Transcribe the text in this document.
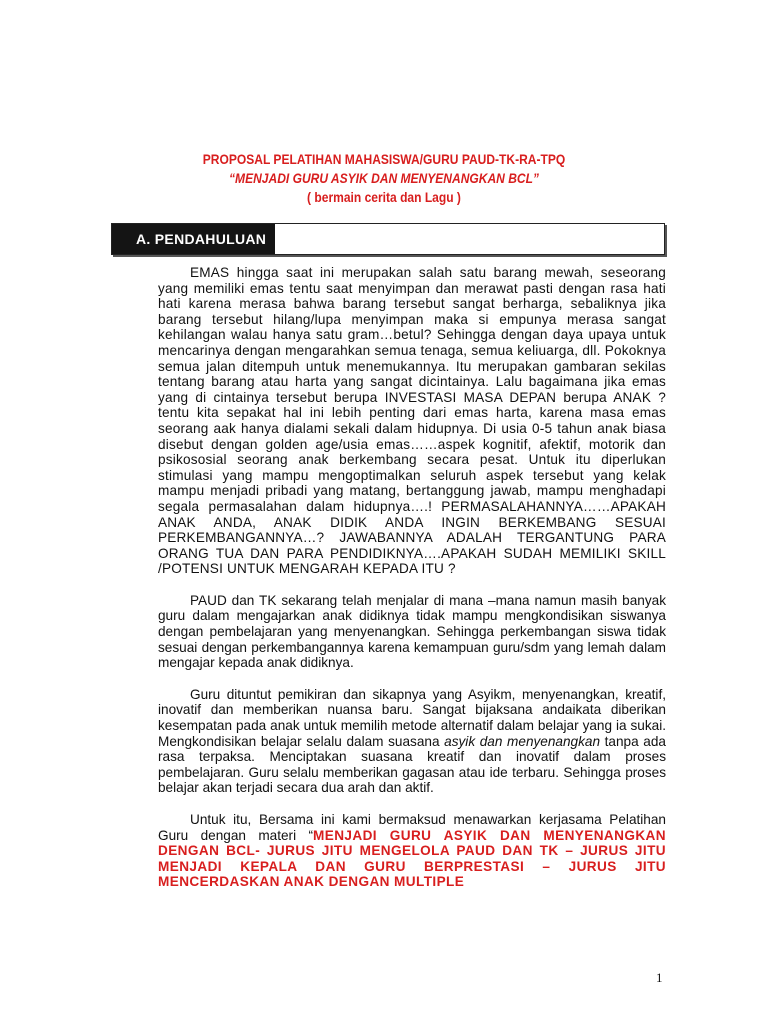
PROPOSAL PELATIHAN MAHASISWA/GURU PAUD-TK-RA-TPQ
“MENJADI GURU ASYIK DAN MENYENANGKAN BCL”
( bermain cerita dan Lagu )
A. PENDAHULUAN

EMAS hingga saat ini merupakan salah satu barang mewah, seseorang yang memiliki emas tentu saat menyimpan dan merawat pasti dengan rasa hati hati karena merasa bahwa barang tersebut sangat berharga, sebaliknya jika barang tersebut hilang/lupa menyimpan maka si empunya merasa sangat kehilangan walau hanya satu gram…betul? Sehingga dengan daya upaya untuk mencarinya dengan mengarahkan semua tenaga, semua keliuarga, dll. Pokoknya semua jalan ditempuh untuk menemukannya. Itu merupakan gambaran sekilas tentang barang atau harta yang sangat dicintainya. Lalu bagaimana jika emas yang di cintainya tersebut berupa INVESTASI MASA DEPAN berupa ANAK ? tentu kita sepakat hal ini lebih penting dari emas harta, karena masa emas seorang aak hanya dialami sekali dalam hidupnya. Di usia 0-5 tahun anak biasa disebut dengan golden age/usia emas……aspek kognitif, afektif, motorik dan psikososial seorang anak berkembang secara pesat. Untuk itu diperlukan stimulasi yang mampu mengoptimalkan seluruh aspek tersebut yang kelak mampu menjadi pribadi yang matang, bertanggung jawab, mampu menghadapi segala permasalahan dalam hidupnya….! PERMASALAHANNYA……APAKAH ANAK ANDA, ANAK DIDIK ANDA INGIN BERKEMBANG SESUAI PERKEMBANGANNYA…? JAWABANNYA ADALAH TERGANTUNG PARA ORANG TUA DAN PARA PENDIDIKNYA….APAKAH SUDAH MEMILIKI SKILL /POTENSI UNTUK MENGARAH KEPADA ITU ?

PAUD dan TK sekarang telah menjalar di mana –mana namun masih banyak guru dalam mengajarkan anak didiknya tidak mampu mengkondisikan siswanya dengan pembelajaran yang menyenangkan. Sehingga perkembangan siswa tidak sesuai dengan perkembangannya karena kemampuan guru/sdm yang lemah dalam mengajar kepada anak didiknya.

Guru dituntut pemikiran dan sikapnya yang Asyikm, menyenangkan, kreatif, inovatif dan memberikan nuansa baru. Sangat bijaksana andaikata diberikan kesempatan pada anak untuk memilih metode alternatif dalam belajar yang ia sukai. Mengkondisikan belajar selalu dalam suasana asyik dan menyenangkan tanpa ada rasa terpaksa. Menciptakan suasana kreatif dan inovatif dalam proses pembelajaran. Guru selalu memberikan gagasan atau ide terbaru. Sehingga proses belajar akan terjadi secara dua arah dan aktif.

Untuk itu, Bersama ini kami bermaksud menawarkan kerjasama Pelatihan Guru dengan materi “MENJADI GURU ASYIK DAN MENYENANGKAN DENGAN BCL- JURUS JITU MENGELOLA PAUD DAN TK – JURUS JITU MENJADI KEPALA DAN GURU BERPRESTASI – JURUS JITU MENCERDASKAN ANAK DENGAN MULTIPLE

1
